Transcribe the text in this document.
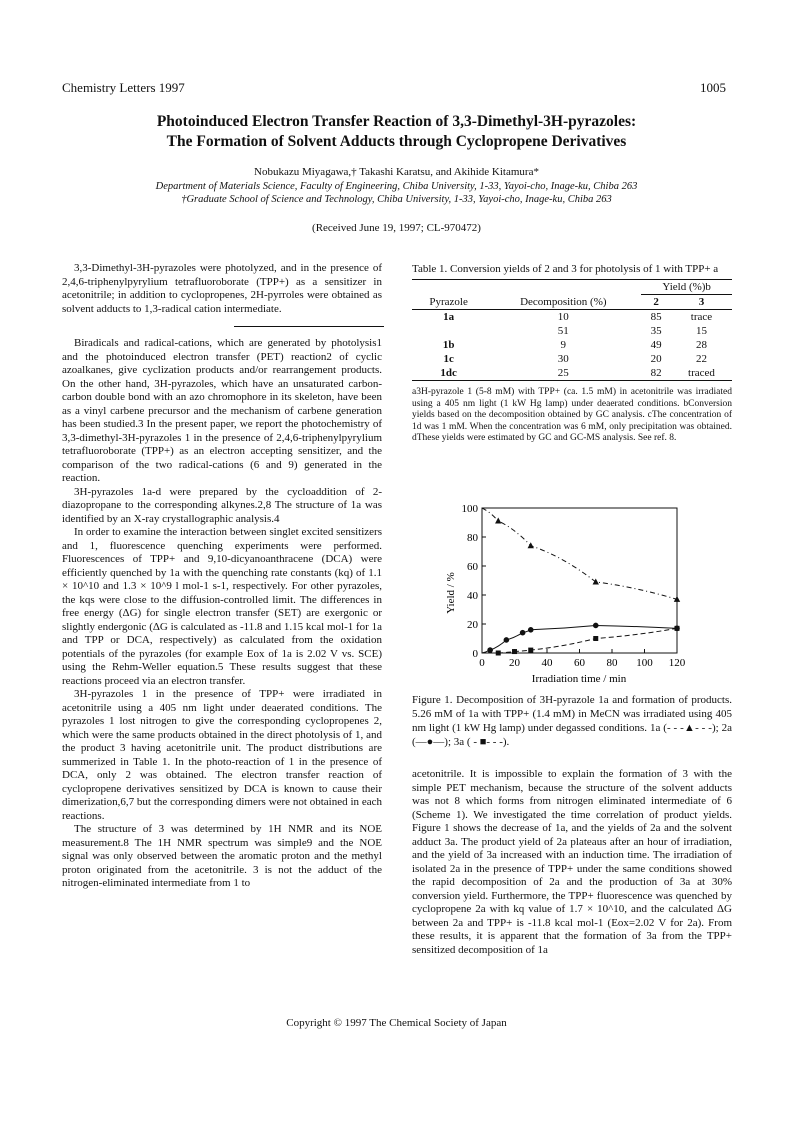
Chemistry Letters 1997	1005
Photoinduced Electron Transfer Reaction of 3,3-Dimethyl-3H-pyrazoles:
The Formation of Solvent Adducts through Cyclopropene Derivatives
Nobukazu Miyagawa,† Takashi Karatsu, and Akihide Kitamura*
Department of Materials Science, Faculty of Engineering, Chiba University, 1-33, Yayoi-cho, Inage-ku, Chiba 263
†Graduate School of Science and Technology, Chiba University, 1-33, Yayoi-cho, Inage-ku, Chiba 263
(Received June 19, 1997; CL-970472)

3,3-Dimethyl-3H-pyrazoles were photolyzed, and in the presence of 2,4,6-triphenylpyrylium tetrafluoroborate (TPP+) as a sensitizer in acetonitrile; in addition to cyclopropenes, 2H-pyrroles were obtained as solvent adducts to 1,3-radical cation intermediate.

Biradicals and radical-cations, which are generated by photolysis1 and the photoinduced electron transfer (PET) reaction2 of cyclic azoalkanes, give cyclization products and/or rearrangement products. On the other hand, 3H-pyrazoles, which have an unsaturated carbon-carbon double bond with an azo chromophore in its skeleton, have been as a vinyl carbene precursor and the mechanism of carbene generation has been studied.3 In the present paper, we report the photochemistry of 3,3-dimethyl-3H-pyrazoles 1 in the presence of 2,4,6-triphenylpyrylium tetrafluoroborate (TPP+) as an electron accepting sensitizer, and the comparison of the two radical-cations (6 and 9) generated in the reaction.

3H-pyrazoles 1a-d were prepared by the cycloaddition of 2-diazopropane to the corresponding alkynes.2,8 The structure of 1a was identified by an X-ray crystallographic analysis.4

In order to examine the interaction between singlet excited sensitizers and 1, fluorescence quenching experiments were performed. Fluorescences of TPP+ and 9,10-dicyanoanthracene (DCA) were efficiently quenched by 1a with the quenching rate constants (kq) of 1.1 × 10^10 and 1.3 × 10^9 l mol-1 s-1, respectively. For other pyrazoles, the kqs were close to the diffusion-controlled limit. The differences in free energy (ΔG) for single electron transfer (SET) are exergonic or slightly endergonic (ΔG is calculated as -11.8 and 1.15 kcal mol-1 for 1a and TPP or DCA, respectively) as calculated from the oxidation potentials of the pyrazoles (for example Eox of 1a is 2.02 V vs. SCE) using the Rehm-Weller equation.5 These results suggest that these reactions proceed via an electron transfer.

3H-pyrazoles 1 in the presence of TPP+ were irradiated in acetonitrile using a 405 nm light under deaerated conditions. The pyrazoles 1 lost nitrogen to give the corresponding cyclopropenes 2, which were the same products obtained in the direct photolysis of 1, and the product 3 having acetonitrile unit. The product distributions are summerized in Table 1. In the photo-reaction of 1 in the presence of DCA, only 2 was obtained. The electron transfer reaction of cyclopropene derivatives sensitized by DCA is known to cause their dimerization,6,7 but the corresponding dimers were not obtained in each reactions.

The structure of 3 was determined by 1H NMR and its NOE measurement.8 The 1H NMR spectrum was simple9 and the NOE signal was only observed between the aromatic proton and the methyl proton originated from the acetonitrile. 3 is not the adduct of the nitrogen-eliminated intermediate from 1 to

Table 1. Conversion yields of 2 and 3 for photolysis of 1 with TPP+ a
		Yield (%)b	
Pyrazole	Decomposition (%)	2	3
1a	10	85	trace
	51	35	15
1b	9	49	28
1c	30	20	22
1dc	25	82	traced
a3H-pyrazole 1 (5-8 mM) with TPP+ (ca. 1.5 mM) in acetonitrile was irradiated using a 405 nm light (1 kW Hg lamp) under deaerated conditions. bConversion yields based on the decomposition obtained by GC analysis. cThe concentration of 1d was 1 mM. When the concentration was 6 mM, only precipitation was obtained. dThese yields were estimated by GC and GC-MS analysis. See ref. 8.
0 20 40 60 80 100 120
0
20
40
60
80
100
Yield / %
Irradiation time / min
Figure 1. Decomposition of 3H-pyrazole 1a and formation of products. 5.26 mM of 1a with TPP+ (1.4 mM) in MeCN was irradiated using 405 nm light (1 kW Hg lamp) under degassed conditions. 1a (- - -▲- - -); 2a (—●—); 3a ( - ■- - -).

acetonitrile. It is impossible to explain the formation of 3 with the simple PET mechanism, because the structure of the solvent adducts was not 8 which forms from nitrogen eliminated intermediate of 6 (Scheme 1). We investigated the time correlation of product yields. Figure 1 shows the decrease of 1a, and the yields of 2a and the solvent adduct 3a. The product yield of 2a plateaus after an hour of irradiation, and the yield of 3a increased with an induction time. The irradiation of isolated 2a in the presence of TPP+ under the same conditions showed the rapid decomposition of 2a and the production of 3a at 30% conversion yield. Furthermore, the TPP+ fluorescence was quenched by cyclopropene 2a with kq value of 1.7 × 10^10, and the calculated ΔG between 2a and TPP+ is -11.8 kcal mol-1 (Eox=2.02 V for 2a). From these results, it is apparent that the formation of 3a from the TPP+ sensitized decomposition of 1a

Copyright © 1997 The Chemical Society of Japan
